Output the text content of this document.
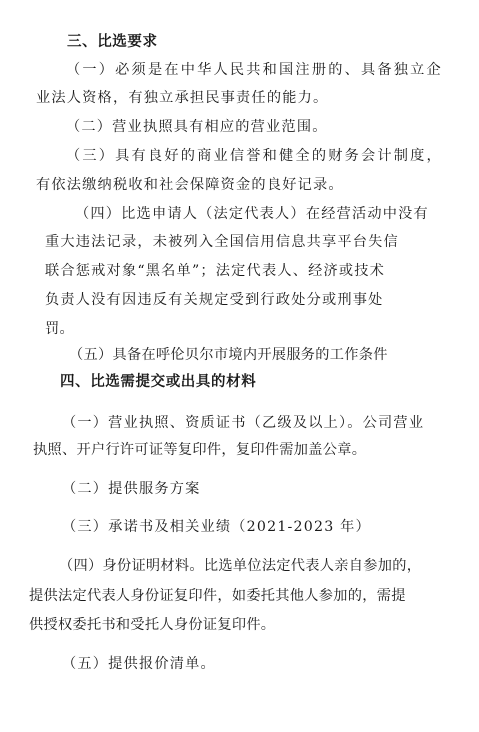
三、比选要求
（一）必须是在中华人民共和国注册的、具备独立企
业法人资格，有独立承担民事责任的能力。
（二）营业执照具有相应的营业范围。
（三）具有良好的商业信誉和健全的财务会计制度，
有依法缴纳税收和社会保障资金的良好记录。
（四）比选申请人（法定代表人）在经营活动中没有
重大违法记录，未被列入全国信用信息共享平台失信
联合惩戒对象“黑名单”；法定代表人、经济或技术
负责人没有因违反有关规定受到行政处分或刑事处
罚。
（五）具备在呼伦贝尔市境内开展服务的工作条件
四、比选需提交或出具的材料
（一）营业执照、资质证书（乙级及以上）。公司营业
执照、开户行许可证等复印件，复印件需加盖公章。
（二）提供服务方案
（三）承诺书及相关业绩（2021-2023 年）
（四）身份证明材料。比选单位法定代表人亲自参加的，
提供法定代表人身份证复印件，如委托其他人参加的，需提
供授权委托书和受托人身份证复印件。
（五）提供报价清单。
